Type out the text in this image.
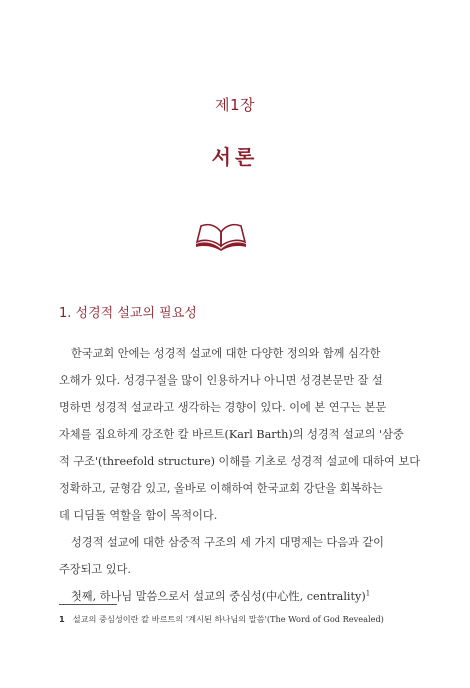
제1장
서론
1. 성경적 설교의 필요성
한국교회 안에는 성경적 설교에 대한 다양한 정의와 함께 심각한
오해가 있다. 성경구절을 많이 인용하거나 아니면 성경본문만 잘 설
명하면 성경적 설교라고 생각하는 경향이 있다. 이에 본 연구는 본문
자체를 집요하게 강조한 칼 바르트(Karl Barth)의 성경적 설교의 '삼중
적 구조'(threefold structure) 이해를 기초로 성경적 설교에 대하여 보다
정확하고, 균형감 있고, 올바로 이해하여 한국교회 강단을 회복하는
데 디딤돌 역할을 함이 목적이다.
성경적 설교에 대한 삼중적 구조의 세 가지 대명제는 다음과 같이
주장되고 있다.
첫째, 하나님 말씀으로서 설교의 중심성(中心性, centrality)$^1$
1 설교의 중심성이란 칼 바르트의 '계시된 하나님의 말씀'(The Word of God Revealed)
